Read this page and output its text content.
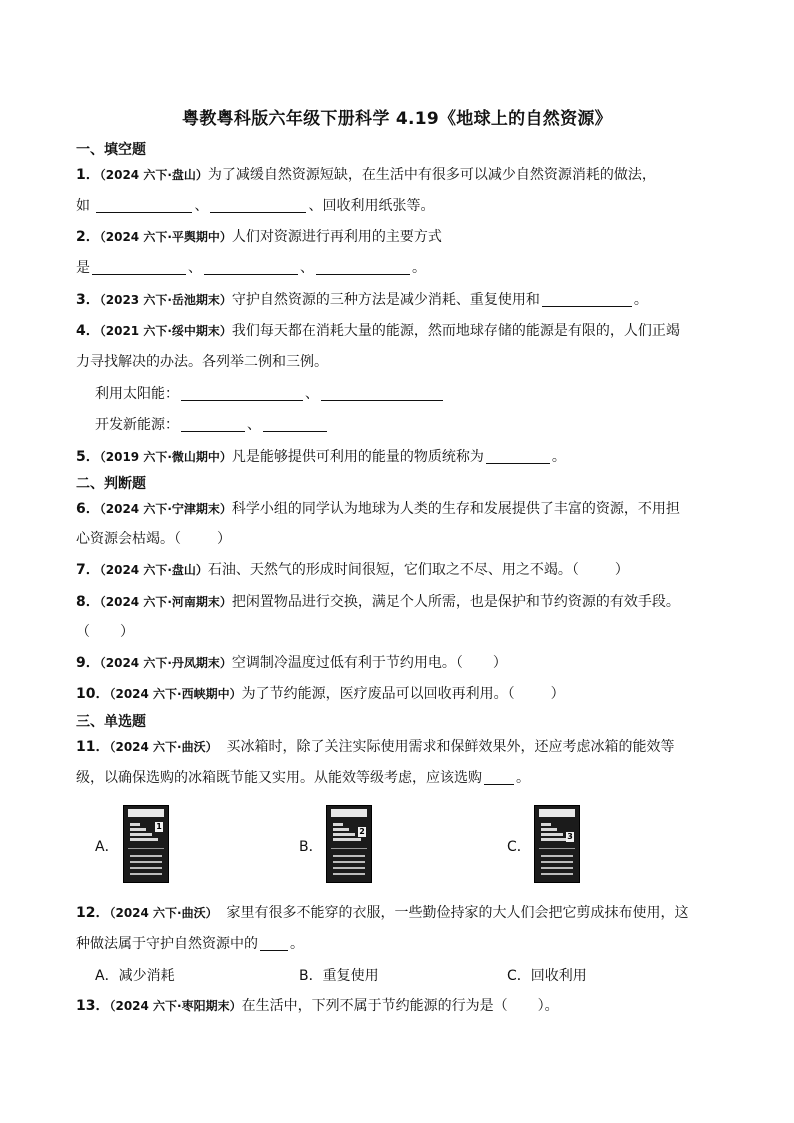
粤教粤科版六年级下册科学 4.19《地球上的自然资源》
一、填空题
1．（2024 六下·盘山）为了减缓自然资源短缺，在生活中有很多可以减少自然资源消耗的做法，
如	、	、回收利用纸张等。
2．（2024 六下·平舆期中）人们对资源进行再利用的主要方式
是	、	、	。
3．（2023 六下·岳池期末）守护自然资源的三种方法是减少消耗、重复使用和	。
4．（2021 六下·绥中期末）我们每天都在消耗大量的能源，然而地球存储的能源是有限的，人们正竭
力寻找解决的办法。各列举二例和三例。
利用太阳能：	、
开发新能源：	、
5．（2019 六下·微山期中）凡是能够提供可利用的能量的物质统称为	。
二、判断题
6．（2024 六下·宁津期末）科学小组的同学认为地球为人类的生存和发展提供了丰富的资源，不用担
心资源会枯竭。（	）
7．（2024 六下·盘山）石油、天然气的形成时间很短，它们取之不尽、用之不竭。（	）
8．（2024 六下·河南期末）把闲置物品进行交换，满足个人所需，也是保护和节约资源的有效手段。
（ ）
9．（2024 六下·丹凤期末）空调制冷温度过低有利于节约用电。（ ）
10．（2024 六下·西峡期中）为了节约能源，医疗废品可以回收再利用。（	）
三、单选题
11．（2024 六下·曲沃）  买冰箱时，除了关注实际使用需求和保鲜效果外，还应考虑冰箱的能效等
级，以确保选购的冰箱既节能又实用。从能效等级考虑，应该选购 。
A．
1
B．
2
C．
3
12．（2024 六下·曲沃）  家里有很多不能穿的衣服，一些勤俭持家的大人们会把它剪成抹布使用，这
种做法属于守护自然资源中的 。
A．减少消耗	B．重复使用	C．回收利用
13．（2024 六下·枣阳期末）在生活中，下列不属于节约能源的行为是（ ）。
